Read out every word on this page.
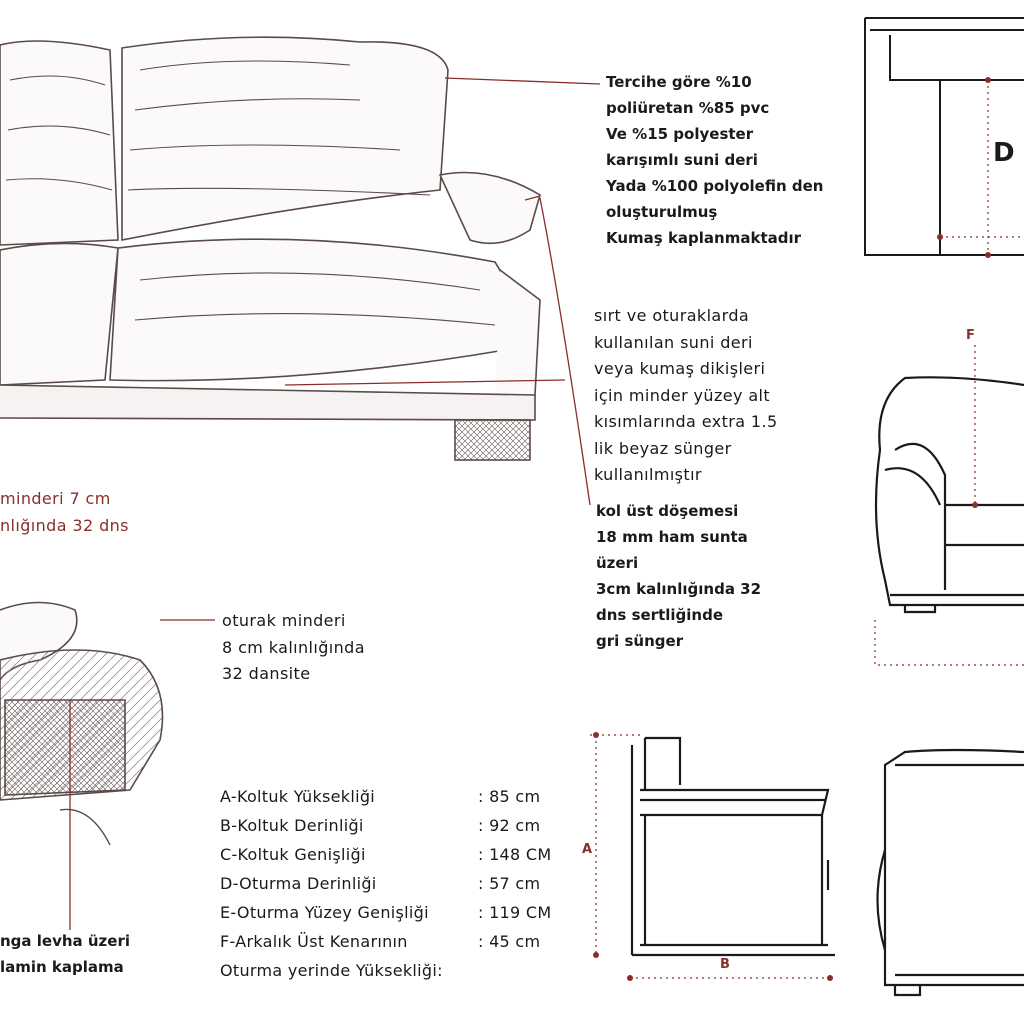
D
F
A
B
Tercihe göre %10
poliüretan %85 pvc
Ve %15 polyester
karışımlı suni deri
Yada %100 polyolefin den
oluşturulmuş
Kumaş kaplanmaktadır
sırt ve oturaklarda
kullanılan suni deri
veya kumaş dikişleri
için minder yüzey alt
kısımlarında extra 1.5
lik beyaz sünger
kullanılmıştır
kol üst döşemesi
18 mm ham sunta
üzeri
3cm kalınlığında 32
dns sertliğinde
gri sünger
minderi 7 cm
nlığında 32 dns
oturak minderi
8 cm kalınlığında
32 dansite
nga levha üzeri
lamin kaplama
A-Koltuk Yüksekliği	: 85 cm
B-Koltuk Derinliği	: 92 cm
C-Koltuk Genişliği	: 148 CM
D-Oturma Derinliği	: 57 cm
E-Oturma Yüzey Genişliği	: 119 CM
F-Arkalık Üst Kenarının	: 45 cm
Oturma yerinde Yüksekliği:
